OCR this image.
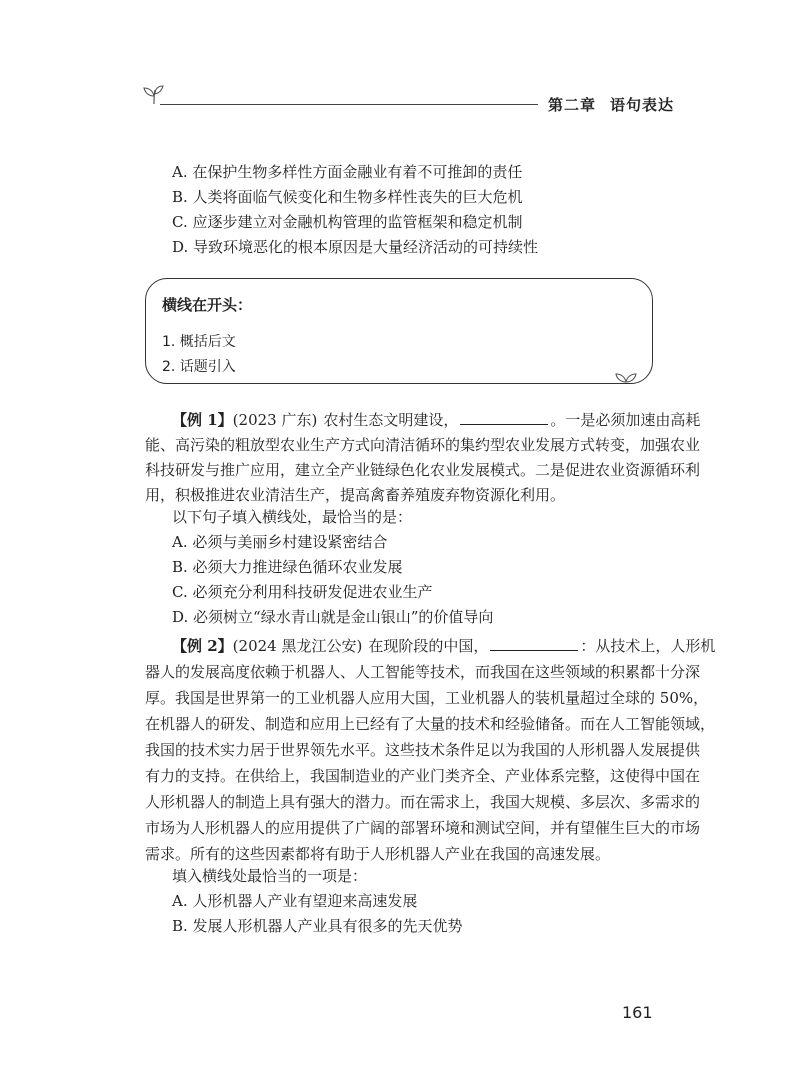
第二章 语句表达
A. 在保护生物多样性方面金融业有着不可推卸的责任
B. 人类将面临气候变化和生物多样性丧失的巨大危机
C. 应逐步建立对金融机构管理的监管框架和稳定机制
D. 导致环境恶化的根本原因是大量经济活动的可持续性
横线在开头：
1. 概括后文
2. 话题引入
【例 1】(2023 广东) 农村生态文明建设，	。一是必须加速由高耗
能、高污染的粗放型农业生产方式向清洁循环的集约型农业发展方式转变，加强农业
科技研发与推广应用，建立全产业链绿色化农业发展模式。二是促进农业资源循环利
用，积极推进农业清洁生产，提高禽畜养殖废弃物资源化利用。
以下句子填入横线处，最恰当的是：
A. 必须与美丽乡村建设紧密结合
B. 必须大力推进绿色循环农业发展
C. 必须充分利用科技研发促进农业生产
D. 必须树立“绿水青山就是金山银山”的价值导向
【例 2】(2024 黑龙江公安) 在现阶段的中国，	：从技术上，人形机
器人的发展高度依赖于机器人、人工智能等技术，而我国在这些领域的积累都十分深
厚。我国是世界第一的工业机器人应用大国，工业机器人的装机量超过全球的 50%，
在机器人的研发、制造和应用上已经有了大量的技术和经验储备。而在人工智能领域，
我国的技术实力居于世界领先水平。这些技术条件足以为我国的人形机器人发展提供
有力的支持。在供给上，我国制造业的产业门类齐全、产业体系完整，这使得中国在
人形机器人的制造上具有强大的潜力。而在需求上，我国大规模、多层次、多需求的
市场为人形机器人的应用提供了广阔的部署环境和测试空间，并有望催生巨大的市场
需求。所有的这些因素都将有助于人形机器人产业在我国的高速发展。
填入横线处最恰当的一项是：
A. 人形机器人产业有望迎来高速发展
B. 发展人形机器人产业具有很多的先天优势
161
